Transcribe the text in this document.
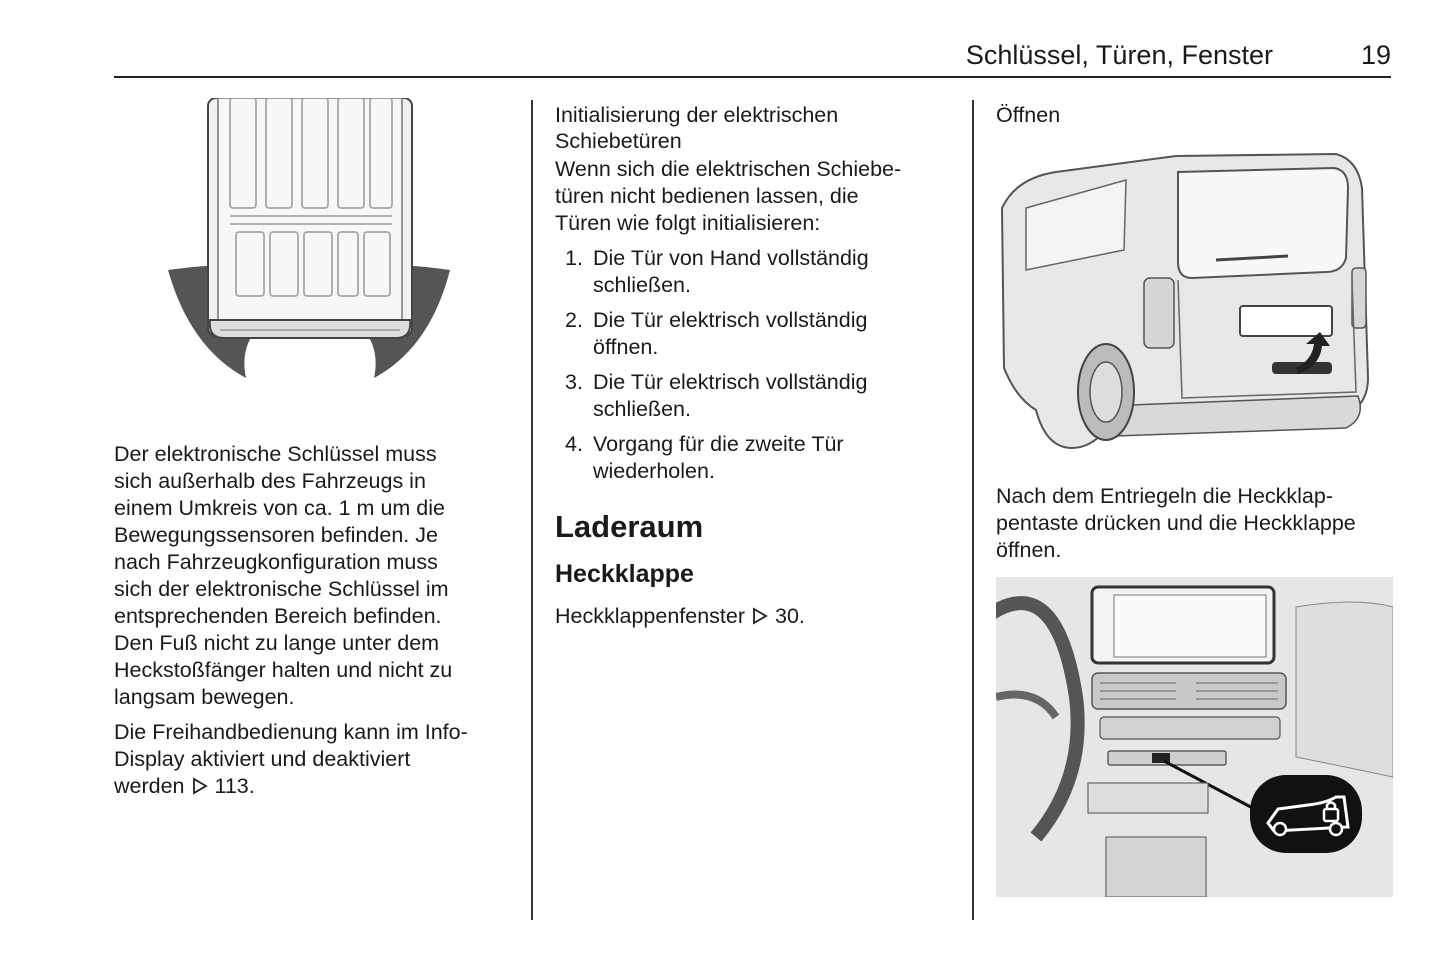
Schlüssel, Türen, Fenster	19

Der elektronische Schlüssel muss
sich außerhalb des Fahrzeugs in
einem Umkreis von ca. 1 m um die
Bewegungssensoren befinden. Je
nach Fahrzeugkonfiguration muss
sich der elektronische Schlüssel im
entsprechenden Bereich befinden.
Den Fuß nicht zu lange unter dem
Heckstoßfänger halten und nicht zu
langsam bewegen.

Die Freihandbedienung kann im Info-
Display aktiviert und deaktiviert
werden 113.

Initialisierung der elektrischen
Schiebetüren

Wenn sich die elektrischen Schiebe-
türen nicht bedienen lassen, die
Türen wie folgt initialisieren:

1. Die Tür von Hand vollständig
schließen.
2. Die Tür elektrisch vollständig
öffnen.
3. Die Tür elektrisch vollständig
schließen.
4. Vorgang für die zweite Tür
wiederholen.
Laderaum
Heckklappe

Heckklappenfenster 30.

Öffnen

Nach dem Entriegeln die Heckklap-
pentaste drücken und die Heckklappe
öffnen.
